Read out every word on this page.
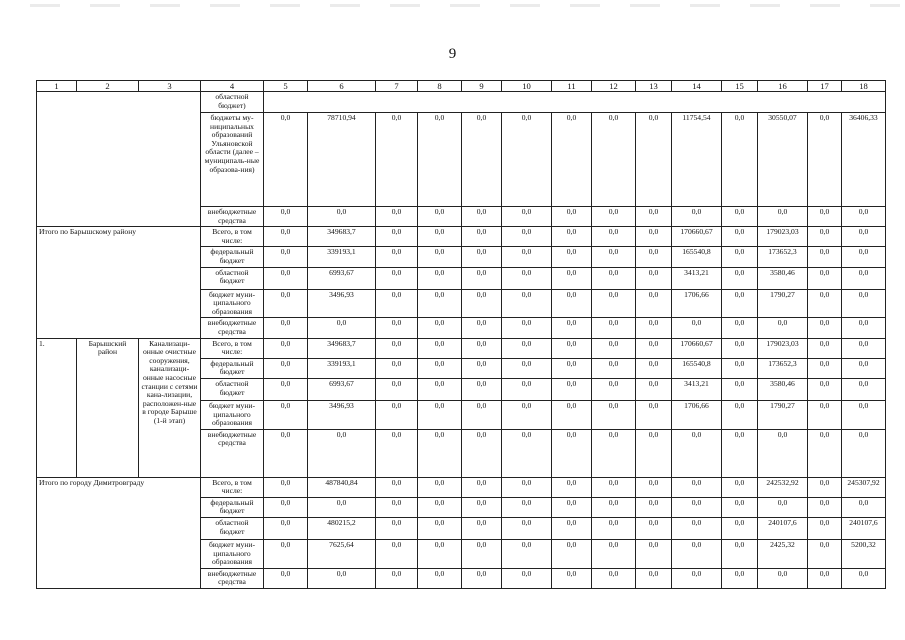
9
1	2	3	4	5	6	7	8	9	10	11	12	13	14	15	16	17	18
			областной бюджет)														
			бюджеты му-ниципальных образований Ульяновской области (далее – муниципаль-ные образова-ния)	0,0	78710,94	0,0	0,0	0,0	0,0	0,0	0,0	0,0	11754,54	0,0	30550,07	0,0	36406,33
			внебюджетные средства	0,0	0,0	0,0	0,0	0,0	0,0	0,0	0,0	0,0	0,0	0,0	0,0	0,0	0,0
Итого по Барышскому району			Всего, в том числе:	0,0	349683,7	0,0	0,0	0,0	0,0	0,0	0,0	0,0	170660,67	0,0	179023,03	0,0	0,0
			федеральный бюджет	0,0	339193,1	0,0	0,0	0,0	0,0	0,0	0,0	0,0	165540,8	0,0	173652,3	0,0	0,0
			областной бюджет	0,0	6993,67	0,0	0,0	0,0	0,0	0,0	0,0	0,0	3413,21	0,0	3580,46	0,0	0,0
			бюджет муни-ципального образования	0,0	3496,93	0,0	0,0	0,0	0,0	0,0	0,0	0,0	1706,66	0,0	1790,27	0,0	0,0
			внебюджетные средства	0,0	0,0	0,0	0,0	0,0	0,0	0,0	0,0	0,0	0,0	0,0	0,0	0,0	0,0
1.	Барышский район	Канализаци-онные очистные сооружения, канализаци-онные насосные станции с сетями кана-лизации, расположен-ные в городе Барыше (1-й этап)	Всего, в том числе:	0,0	349683,7	0,0	0,0	0,0	0,0	0,0	0,0	0,0	170660,67	0,0	179023,03	0,0	0,0
			федеральный бюджет	0,0	339193,1	0,0	0,0	0,0	0,0	0,0	0,0	0,0	165540,8	0,0	173652,3	0,0	0,0
			областной бюджет	0,0	6993,67	0,0	0,0	0,0	0,0	0,0	0,0	0,0	3413,21	0,0	3580,46	0,0	0,0
			бюджет муни-ципального образования	0,0	3496,93	0,0	0,0	0,0	0,0	0,0	0,0	0,0	1706,66	0,0	1790,27	0,0	0,0
			внебюджетные средства	0,0	0,0	0,0	0,0	0,0	0,0	0,0	0,0	0,0	0,0	0,0	0,0	0,0	0,0
Итого по городу Димитровграду			Всего, в том числе:	0,0	487840,84	0,0	0,0	0,0	0,0	0,0	0,0	0,0	0,0	0,0	242532,92	0,0	245307,92
			федеральный бюджет	0,0	0,0	0,0	0,0	0,0	0,0	0,0	0,0	0,0	0,0	0,0	0,0	0,0	0,0
			областной бюджет	0,0	480215,2	0,0	0,0	0,0	0,0	0,0	0,0	0,0	0,0	0,0	240107,6	0,0	240107,6
			бюджет муни-ципального образования	0,0	7625,64	0,0	0,0	0,0	0,0	0,0	0,0	0,0	0,0	0,0	2425,32	0,0	5200,32
			внебюджетные средства	0,0	0,0	0,0	0,0	0,0	0,0	0,0	0,0	0,0	0,0	0,0	0,0	0,0	0,0
